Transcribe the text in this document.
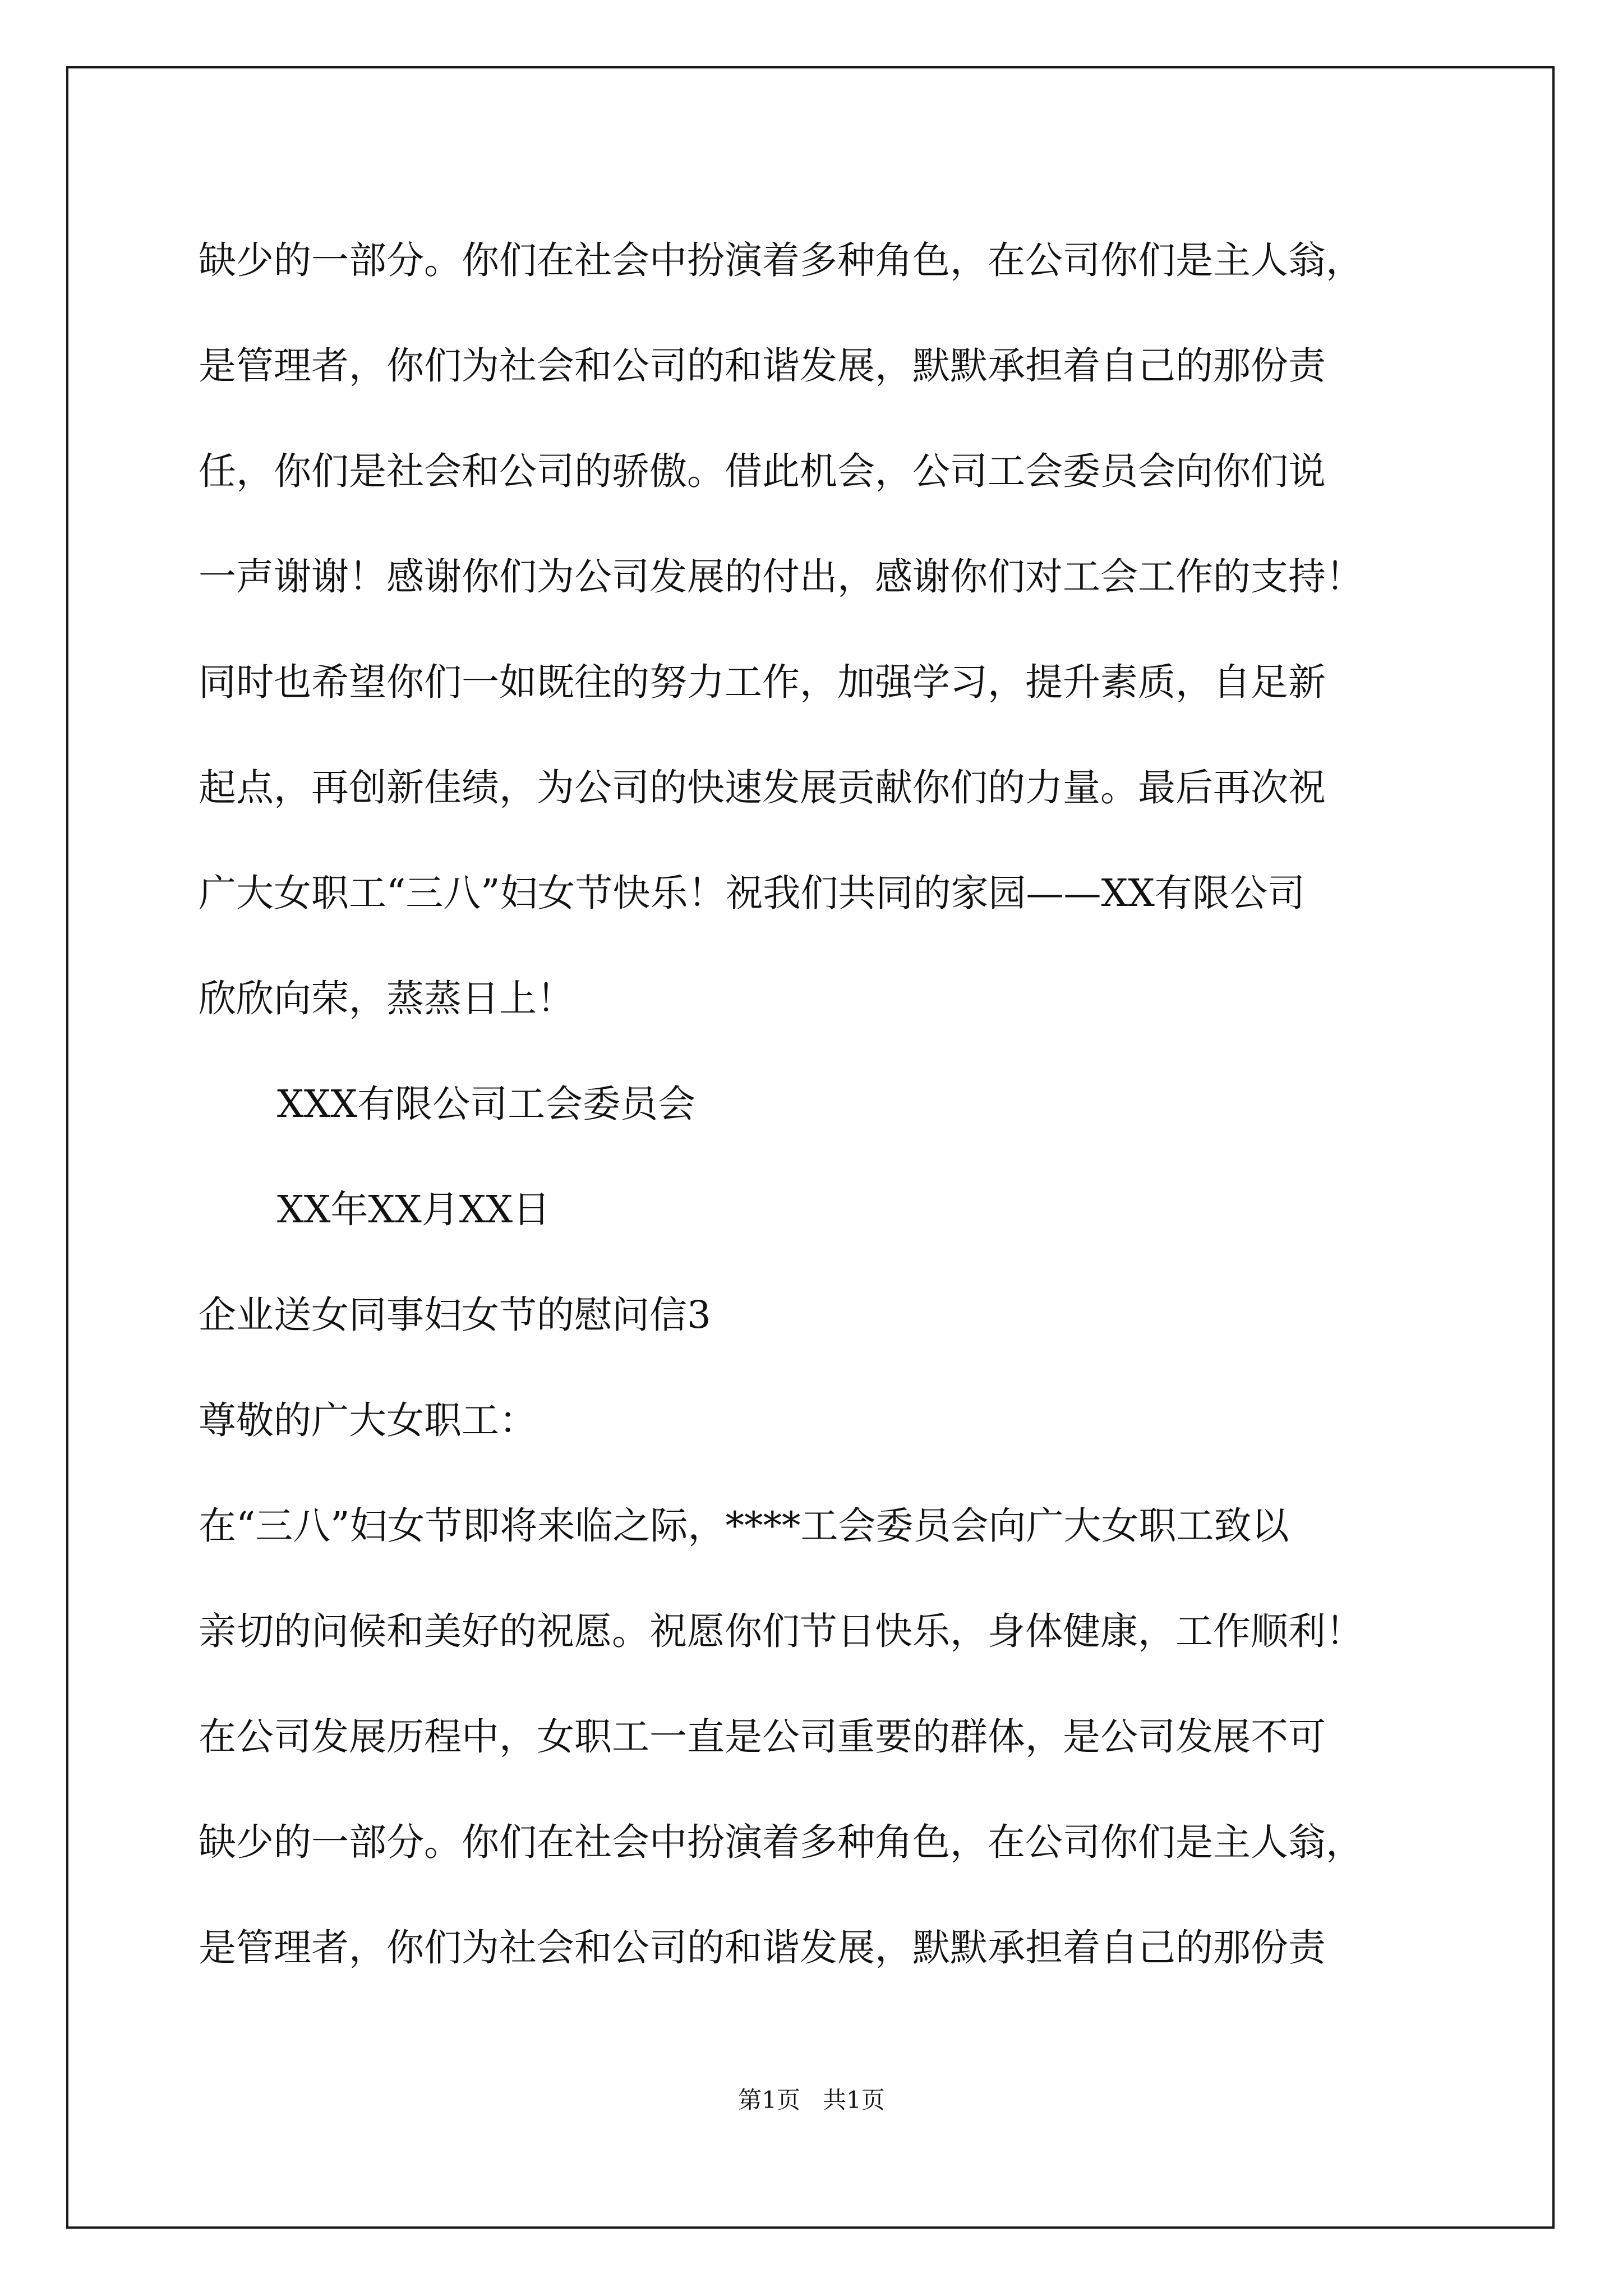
缺少的一部分。你们在社会中扮演着多种角色，在公司你们是主人翁，
是管理者，你们为社会和公司的和谐发展，默默承担着自己的那份责
任，你们是社会和公司的骄傲。借此机会，公司工会委员会向你们说
一声谢谢！感谢你们为公司发展的付出，感谢你们对工会工作的支持！
同时也希望你们一如既往的努力工作，加强学习，提升素质，自足新
起点，再创新佳绩，为公司的快速发展贡献你们的力量。最后再次祝
广大女职工“三八”妇女节快乐！祝我们共同的家园——XX有限公司
欣欣向荣，蒸蒸日上！
XXX有限公司工会委员会
XX年XX月XX日
企业送女同事妇女节的慰问信3
尊敬的广大女职工：
在“三八”妇女节即将来临之际，****工会委员会向广大女职工致以
亲切的问候和美好的祝愿。祝愿你们节日快乐，身体健康，工作顺利！
在公司发展历程中，女职工一直是公司重要的群体，是公司发展不可
缺少的一部分。你们在社会中扮演着多种角色，在公司你们是主人翁，
是管理者，你们为社会和公司的和谐发展，默默承担着自己的那份责
第1页   共1页
